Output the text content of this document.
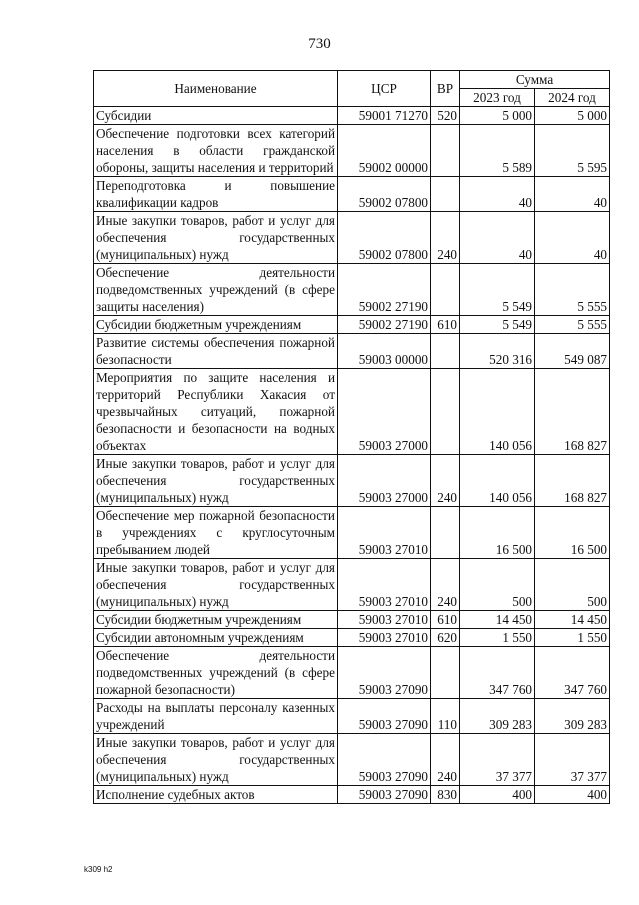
730
Наименование	ЦСР	ВР	Сумма	
			2023 год	2024 год
Субсидии	59001 71270	520	5 000	5 000
Обеспечение подготовки всех категорий населения в области гражданской обороны, защиты населения и территорий	59002 00000		5 589	5 595
Переподготовка и повышение квалификации кадров	59002 07800		40	40
Иные закупки товаров, работ и услуг для обеспечения государственных (муниципальных) нужд	59002 07800	240	40	40
Обеспечение деятельности подведомственных учреждений (в сфере защиты населения)	59002 27190		5 549	5 555
Субсидии бюджетным учреждениям	59002 27190	610	5 549	5 555
Развитие системы обеспечения пожарной безопасности	59003 00000		520 316	549 087
Мероприятия по защите населения и территорий Республики Хакасия от чрезвычайных ситуаций, пожарной безопасности и безопасности на водных объектах	59003 27000		140 056	168 827
Иные закупки товаров, работ и услуг для обеспечения государственных (муниципальных) нужд	59003 27000	240	140 056	168 827
Обеспечение мер пожарной безопасности в учреждениях с круглосуточным пребыванием людей	59003 27010		16 500	16 500
Иные закупки товаров, работ и услуг для обеспечения государственных (муниципальных) нужд	59003 27010	240	500	500
Субсидии бюджетным учреждениям	59003 27010	610	14 450	14 450
Субсидии автономным учреждениям	59003 27010	620	1 550	1 550
Обеспечение деятельности подведомственных учреждений (в сфере пожарной безопасности)	59003 27090		347 760	347 760
Расходы на выплаты персоналу казенных учреждений	59003 27090	110	309 283	309 283
Иные закупки товаров, работ и услуг для обеспечения государственных (муниципальных) нужд	59003 27090	240	37 377	37 377
Исполнение судебных актов	59003 27090	830	400	400
k309 h2
